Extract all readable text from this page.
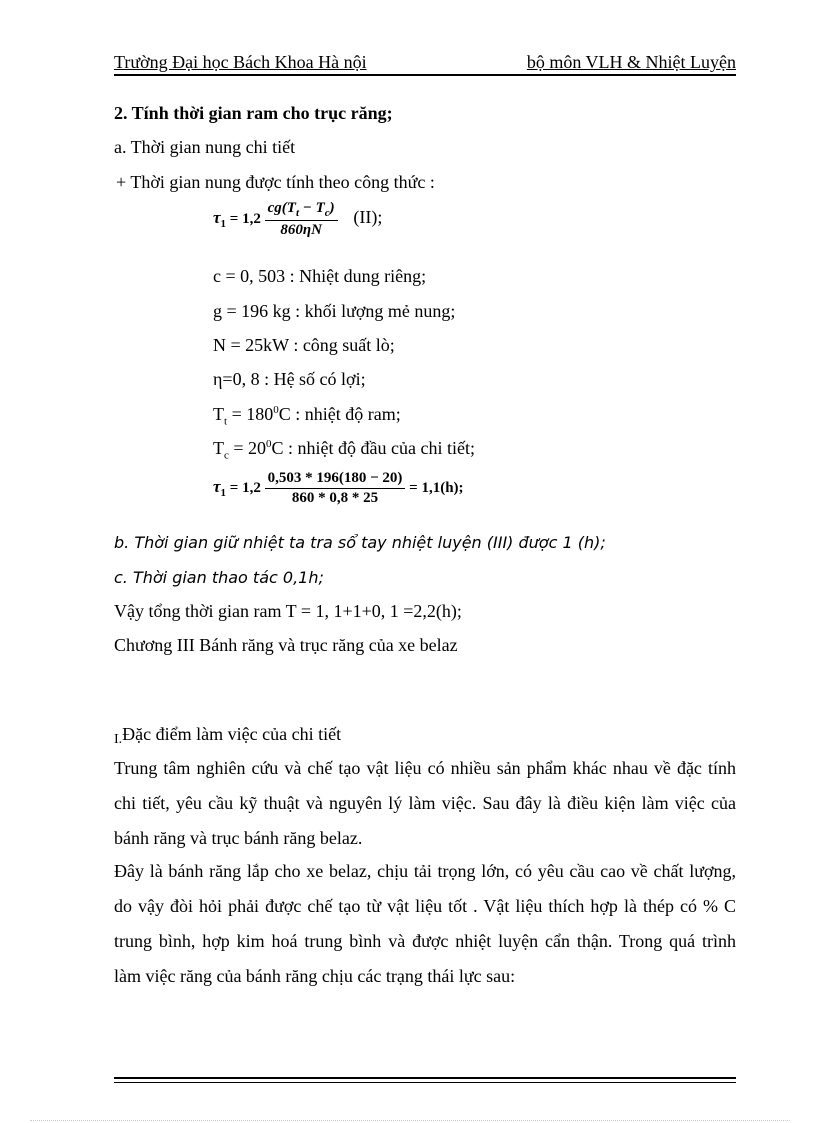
Trường Đại học Bách Khoa Hà nội	bộ môn VLH & Nhiệt Luyện
2. Tính thời gian ram cho trục răng;
a. Thời gian nung chi tiết
+ Thời gian nung được tính theo công thức :
$\tau_1 = 1,2 \frac{cg(T_t - T_c)}{860\eta N} (II)$;
c = 0, 503 : Nhiệt dung riêng;
g = 196 kg : khối lượng mẻ nung;
N = 25kW : công suất lò;
η=0, 8 : Hệ số có lợi;
$T_t = 180^0C$ : nhiệt độ ram;
$T_c = 20^0C$ : nhiệt độ đầu của chi tiết;
$\tau_1 = 1,2 \frac{0,503 * 196(180 - 20)}{860 * 0,8 * 25} = 1,1(h)$;
b. Thời gian giữ nhiệt ta tra sổ tay nhiệt luyện (III) được 1 (h);
c. Thời gian thao tác 0,1h;
Vậy tổng thời gian ram T = 1, 1+1+0, 1 =2,2(h);
Chương III Bánh răng và trục răng của xe belaz
I.Đặc điểm làm việc của chi tiết
Trung tâm nghiên cứu và chế tạo vật liệu có nhiều sản phẩm khác nhau về đặc tính
chi tiết, yêu cầu kỹ thuật và nguyên lý làm việc. Sau đây là điều kiện làm việc của
bánh răng và trục bánh răng belaz.
Đây là bánh răng lắp cho xe belaz, chịu tải trọng lớn, có yêu cầu cao về chất lượng,
do vậy đòi hỏi phải được chế tạo từ vật liệu tốt . Vật liệu thích hợp là thép có % C
trung bình, hợp kim hoá trung bình và được nhiệt luyện cẩn thận. Trong quá trình
làm việc răng của bánh răng chịu các trạng thái lực sau:
